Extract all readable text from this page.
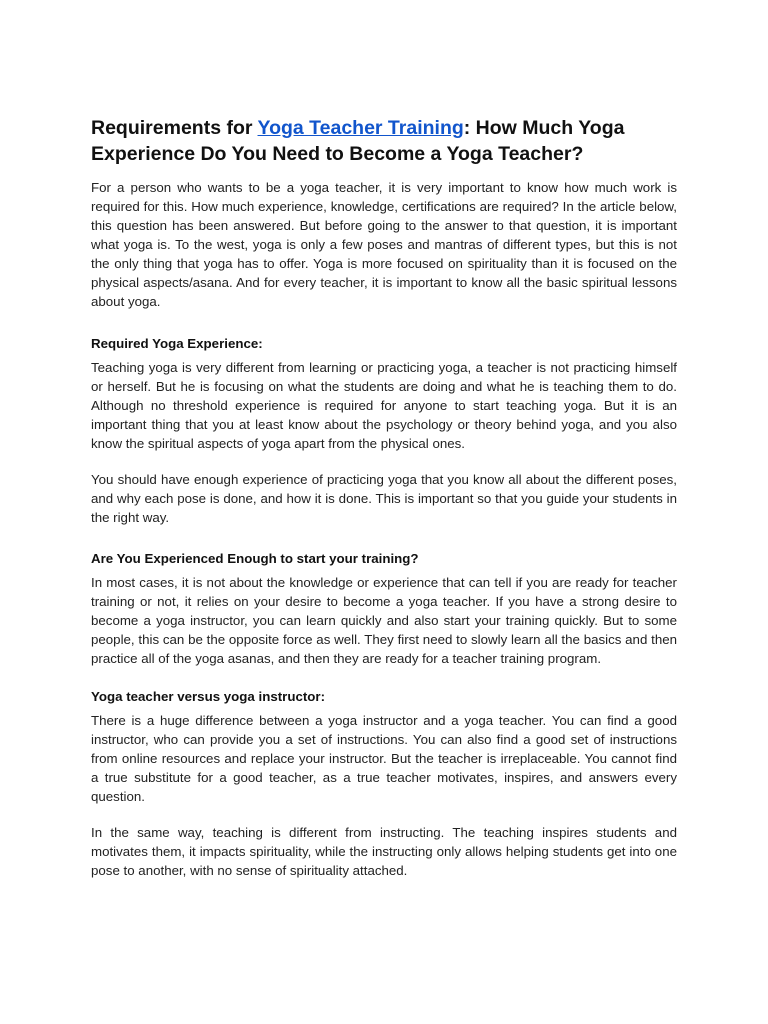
Requirements for Yoga Teacher Training: How Much Yoga Experience Do You Need to Become a Yoga Teacher?

For a person who wants to be a yoga teacher, it is very important to know how much work is required for this. How much experience, knowledge, certifications are required? In the article below, this question has been answered. But before going to the answer to that question, it is important what yoga is. To the west, yoga is only a few poses and mantras of different types, but this is not the only thing that yoga has to offer. Yoga is more focused on spirituality than it is focused on the physical aspects/asana. And for every teacher, it is important to know all the basic spiritual lessons about yoga.

Required Yoga Experience:

Teaching yoga is very different from learning or practicing yoga, a teacher is not practicing himself or herself. But he is focusing on what the students are doing and what he is teaching them to do. Although no threshold experience is required for anyone to start teaching yoga. But it is an important thing that you at least know about the psychology or theory behind yoga, and you also know the spiritual aspects of yoga apart from the physical ones.

You should have enough experience of practicing yoga that you know all about the different poses, and why each pose is done, and how it is done. This is important so that you guide your students in the right way.

Are You Experienced Enough to start your training?

In most cases, it is not about the knowledge or experience that can tell if you are ready for teacher training or not, it relies on your desire to become a yoga teacher. If you have a strong desire to become a yoga instructor, you can learn quickly and also start your training quickly. But to some people, this can be the opposite force as well. They first need to slowly learn all the basics and then practice all of the yoga asanas, and then they are ready for a teacher training program.

Yoga teacher versus yoga instructor:

There is a huge difference between a yoga instructor and a yoga teacher. You can find a good instructor, who can provide you a set of instructions. You can also find a good set of instructions from online resources and replace your instructor. But the teacher is irreplaceable. You cannot find a true substitute for a good teacher, as a true teacher motivates, inspires, and answers every question.

In the same way, teaching is different from instructing. The teaching inspires students and motivates them, it impacts spirituality, while the instructing only allows helping students get into one pose to another, with no sense of spirituality attached.
